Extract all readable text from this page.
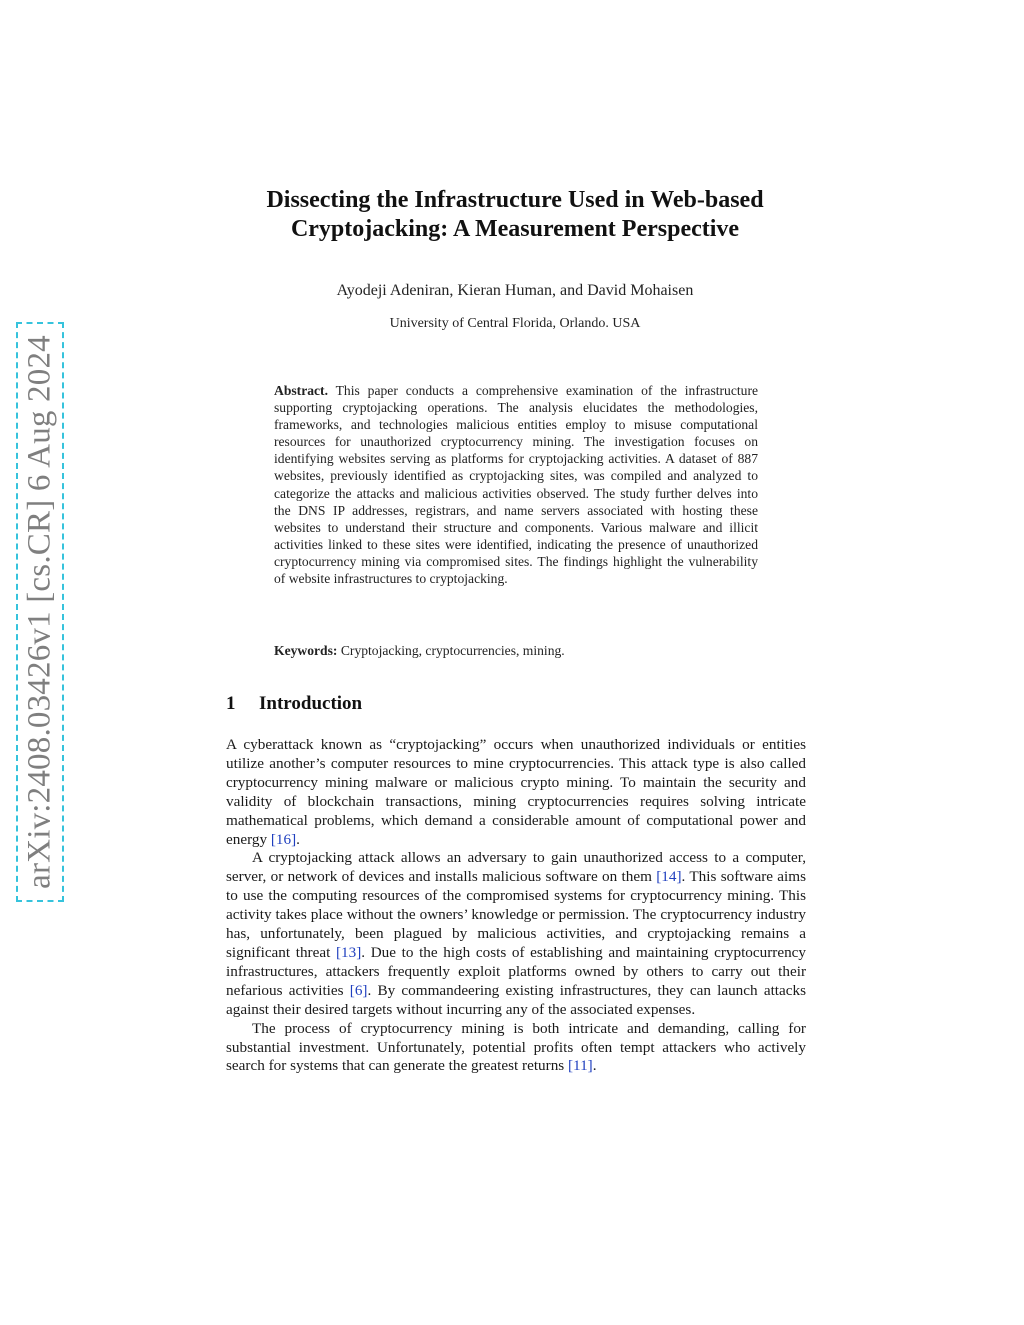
arXiv:2408.03426v1 [cs.CR] 6 Aug 2024
Dissecting the Infrastructure Used in Web-based
Cryptojacking: A Measurement Perspective
Ayodeji Adeniran, Kieran Human, and David Mohaisen
University of Central Florida, Orlando. USA
Abstract. This paper conducts a comprehensive examination of the infrastructure supporting cryptojacking operations. The analysis elucidates the methodologies, frameworks, and technologies malicious entities employ to misuse computational resources for unauthorized cryptocurrency mining. The investigation focuses on identifying websites serving as platforms for cryptojacking activities. A dataset of 887 websites, previously identified as cryptojacking sites, was compiled and analyzed to categorize the attacks and malicious activities observed. The study further delves into the DNS IP addresses, registrars, and name servers associated with hosting these websites to understand their structure and components. Various malware and illicit activities linked to these sites were identified, indicating the presence of unauthorized cryptocurrency mining via compromised sites. The findings highlight the vulnerability of website infrastructures to cryptojacking.
Keywords: Cryptojacking, cryptocurrencies, mining.
1 Introduction

A cyberattack known as “cryptojacking” occurs when unauthorized individuals or entities utilize another’s computer resources to mine cryptocurrencies. This attack type is also called cryptocurrency mining malware or malicious crypto mining. To maintain the security and validity of blockchain transactions, mining cryptocurrencies requires solving intricate mathematical problems, which demand a considerable amount of computational power and energy [16].

A cryptojacking attack allows an adversary to gain unauthorized access to a computer, server, or network of devices and installs malicious software on them [14]. This software aims to use the computing resources of the compromised systems for cryptocurrency mining. This activity takes place without the owners’ knowledge or permission. The cryptocurrency industry has, unfortunately, been plagued by malicious activities, and cryptojacking remains a significant threat [13]. Due to the high costs of establishing and maintaining cryptocurrency infrastructures, attackers frequently exploit platforms owned by others to carry out their nefarious activities [6]. By commandeering existing infrastructures, they can launch attacks against their desired targets without incurring any of the associated expenses.

The process of cryptocurrency mining is both intricate and demanding, calling for substantial investment. Unfortunately, potential profits often tempt attackers who actively search for systems that can generate the greatest returns [11].
